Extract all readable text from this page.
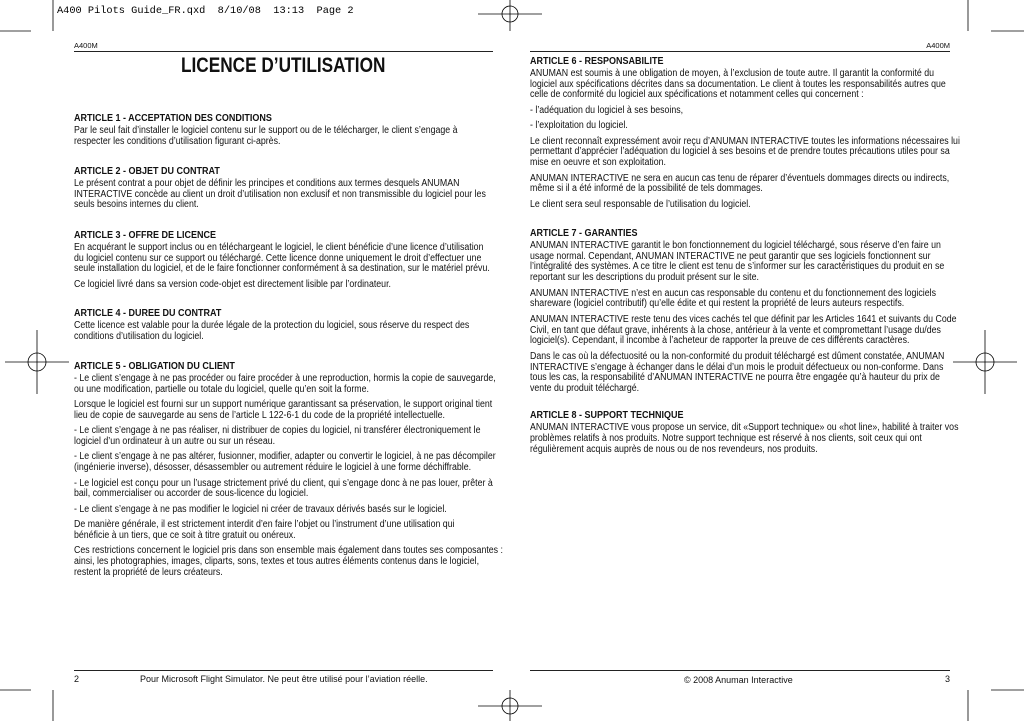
A400 Pilots Guide_FR.qxd  8/10/08  13:13  Page 2
A400M	A400M
LICENCE D’UTILISATION
ARTICLE 1 - ACCEPTATION DES CONDITIONS

Par le seul fait d’installer le logiciel contenu sur le support ou de le télécharger, le client s’engage à
respecter les conditions d’utilisation figurant ci-après.

ARTICLE 2 - OBJET DU CONTRAT

Le présent contrat a pour objet de définir les principes et conditions aux termes desquels ANUMAN
INTERACTIVE concède au client un droit d’utilisation non exclusif et non transmissible du logiciel pour les
seuls besoins internes du client.

ARTICLE 3 - OFFRE DE LICENCE

En acquérant le support inclus ou en téléchargeant le logiciel, le client bénéficie d’une licence d’utilisation
du logiciel contenu sur ce support ou téléchargé. Cette licence donne uniquement le droit d’effectuer une
seule installation du logiciel, et de le faire fonctionner conformément à sa destination, sur le matériel prévu.

Ce logiciel livré dans sa version code-objet est directement lisible par l’ordinateur.

ARTICLE 4 - DUREE DU CONTRAT

Cette licence est valable pour la durée légale de la protection du logiciel, sous réserve du respect des
conditions d’utilisation du logiciel.

ARTICLE 5 - OBLIGATION DU CLIENT

- Le client s’engage à ne pas procéder ou faire procéder à une reproduction, hormis la copie de sauvegarde,
ou une modification, partielle ou totale du logiciel, quelle qu’en soit la forme.

Lorsque le logiciel est fourni sur un support numérique garantissant sa préservation, le support original tient
lieu de copie de sauvegarde au sens de l’article L 122-6-1 du code de la propriété intellectuelle.

- Le client s’engage à ne pas réaliser, ni distribuer de copies du logiciel, ni transférer électroniquement le
logiciel d’un ordinateur à un autre ou sur un réseau.

- Le client s’engage à ne pas altérer, fusionner, modifier, adapter ou convertir le logiciel, à ne pas décompiler
(ingénierie inverse), désosser, désassembler ou autrement réduire le logiciel à une forme déchiffrable.

- Le logiciel est conçu pour un l’usage strictement privé du client, qui s’engage donc à ne pas louer, prêter à
bail, commercialiser ou accorder de sous-licence du logiciel.

- Le client s’engage à ne pas modifier le logiciel ni créer de travaux dérivés basés sur le logiciel.

De manière générale, il est strictement interdit d’en faire l’objet ou l’instrument d’une utilisation qui
bénéficie à un tiers, que ce soit à titre gratuit ou onéreux.

Ces restrictions concernent le logiciel pris dans son ensemble mais également dans toutes ses composantes :
ainsi, les photographies, images, cliparts, sons, textes et tous autres éléments contenus dans le logiciel,
restent la propriété de leurs créateurs.

ARTICLE 6 - RESPONSABILITE

ANUMAN est soumis à une obligation de moyen, à l’exclusion de toute autre. Il garantit la conformité du
logiciel aux spécifications décrites dans sa documentation. Le client à toutes les responsabilités autres que
celle de conformité du logiciel aux spécifications et notamment celles qui concernent :

- l’adéquation du logiciel à ses besoins,

- l’exploitation du logiciel.

Le client reconnaît expressément avoir reçu d’ANUMAN INTERACTIVE toutes les informations nécessaires lui
permettant d’apprécier l’adéquation du logiciel à ses besoins et de prendre toutes précautions utiles pour sa
mise en oeuvre et son exploitation.

ANUMAN INTERACTIVE ne sera en aucun cas tenu de réparer d’éventuels dommages directs ou indirects,
même si il a été informé de la possibilité de tels dommages.

Le client sera seul responsable de l’utilisation du logiciel.

ARTICLE 7 - GARANTIES

ANUMAN INTERACTIVE garantit le bon fonctionnement du logiciel téléchargé, sous réserve d’en faire un
usage normal. Cependant, ANUMAN INTERACTIVE ne peut garantir que ses logiciels fonctionnent sur
l’intégralité des systèmes. A ce titre le client est tenu de s’informer sur les caractéristiques du produit en se
reportant sur les descriptions du produit présent sur le site.

ANUMAN INTERACTIVE n’est en aucun cas responsable du contenu et du fonctionnement des logiciels
shareware (logiciel contributif) qu’elle édite et qui restent la propriété de leurs auteurs respectifs.

ANUMAN INTERACTIVE reste tenu des vices cachés tel que définit par les Articles 1641 et suivants du Code
Civil, en tant que défaut grave, inhérents à la chose, antérieur à la vente et compromettant l’usage du/des
logiciel(s). Cependant, il incombe à l’acheteur de rapporter la preuve de ces différents caractères.

Dans le cas où la défectuosité ou la non-conformité du produit téléchargé est dûment constatée, ANUMAN
INTERACTIVE s’engage à échanger dans le délai d’un mois le produit défectueux ou non-conforme. Dans
tous les cas, la responsabilité d’ANUMAN INTERACTIVE ne pourra être engagée qu’à hauteur du prix de
vente du produit téléchargé.

ARTICLE 8 - SUPPORT TECHNIQUE

ANUMAN INTERACTIVE vous propose un service, dit «Support technique» ou «hot line», habilité à traiter vos
problèmes relatifs à nos produits. Notre support technique est réservé à nos clients, soit ceux qui ont
régulièrement acquis auprès de nous ou de nos revendeurs, nos produits.

2	Pour Microsoft Flight Simulator. Ne peut être utilisé pour l’aviation réelle.	© 2008 Anuman Interactive	3
